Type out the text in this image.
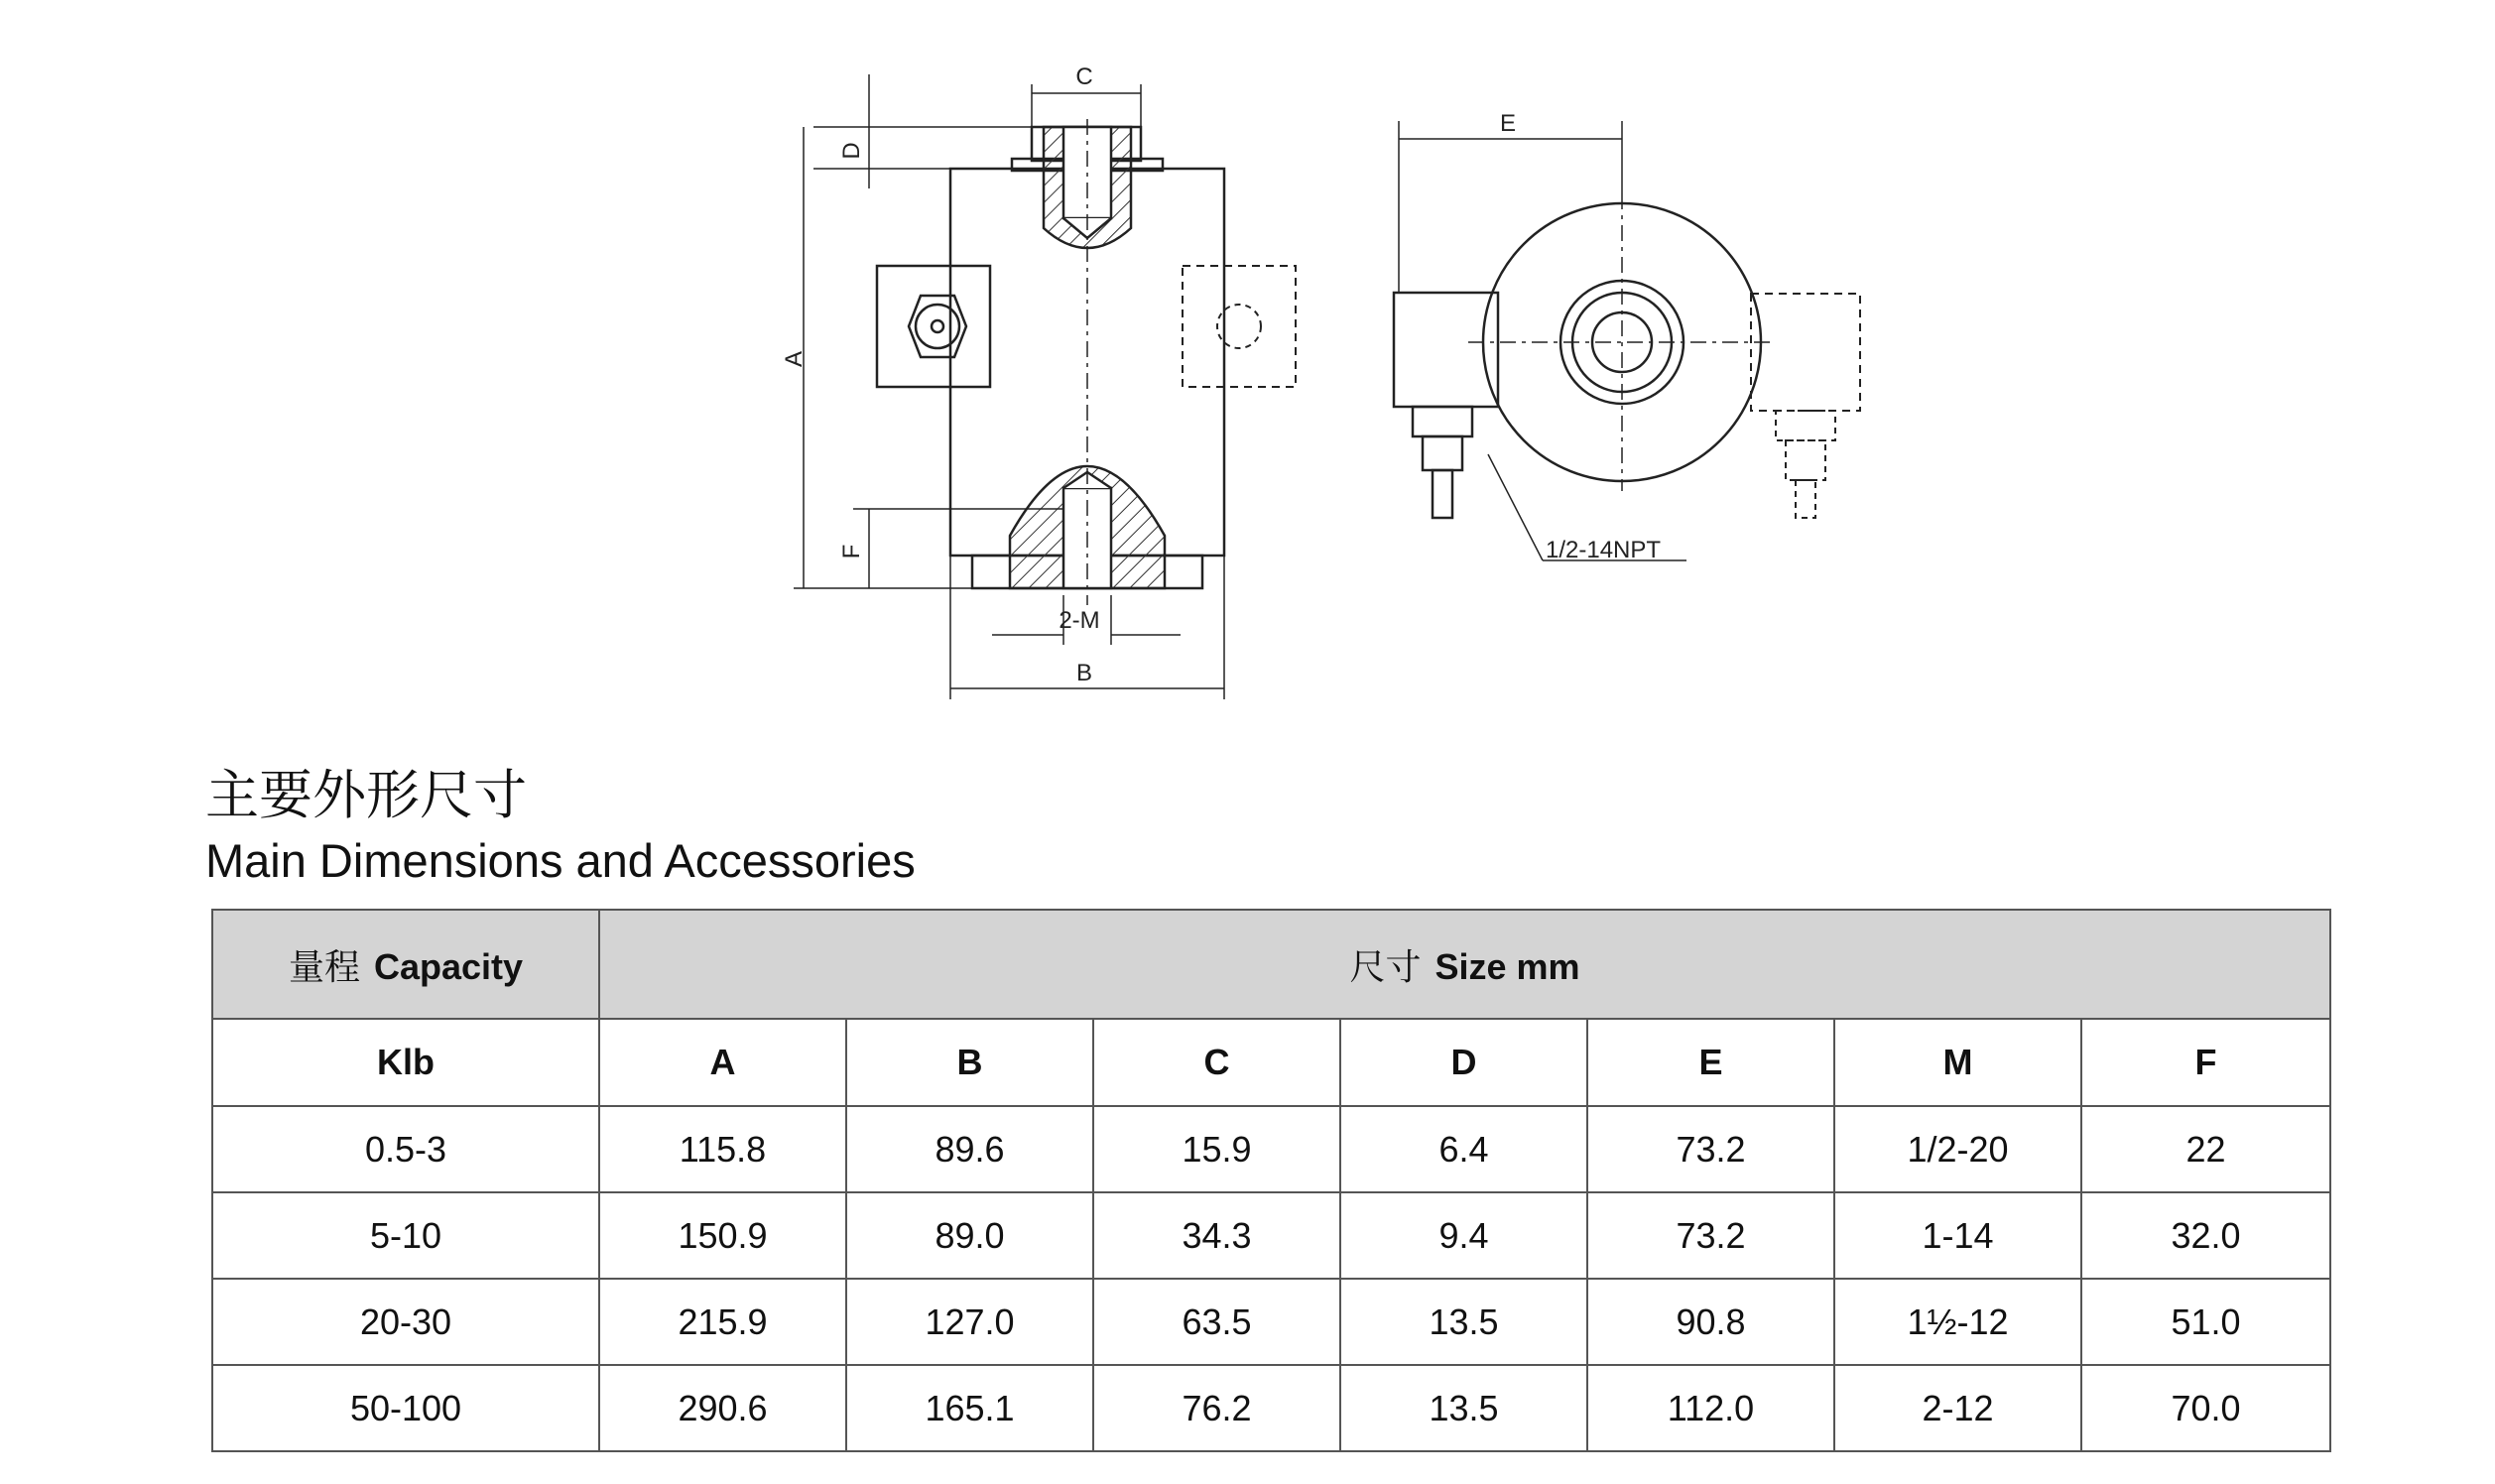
C
D
A
F
2-M
B
E
1/2-14NPT
主要外形尺寸
Main Dimensions and Accessories
量程 Capacity	尺寸 Size mm						
Klb	A	B	C	D	E	M	F
0.5-3	115.8	89.6	15.9	6.4	73.2	1/2-20	22
5-10	150.9	89.0	34.3	9.4	73.2	1-14	32.0
20-30	215.9	127.0	63.5	13.5	90.8	1½-12	51.0
50-100	290.6	165.1	76.2	13.5	112.0	2-12	70.0
